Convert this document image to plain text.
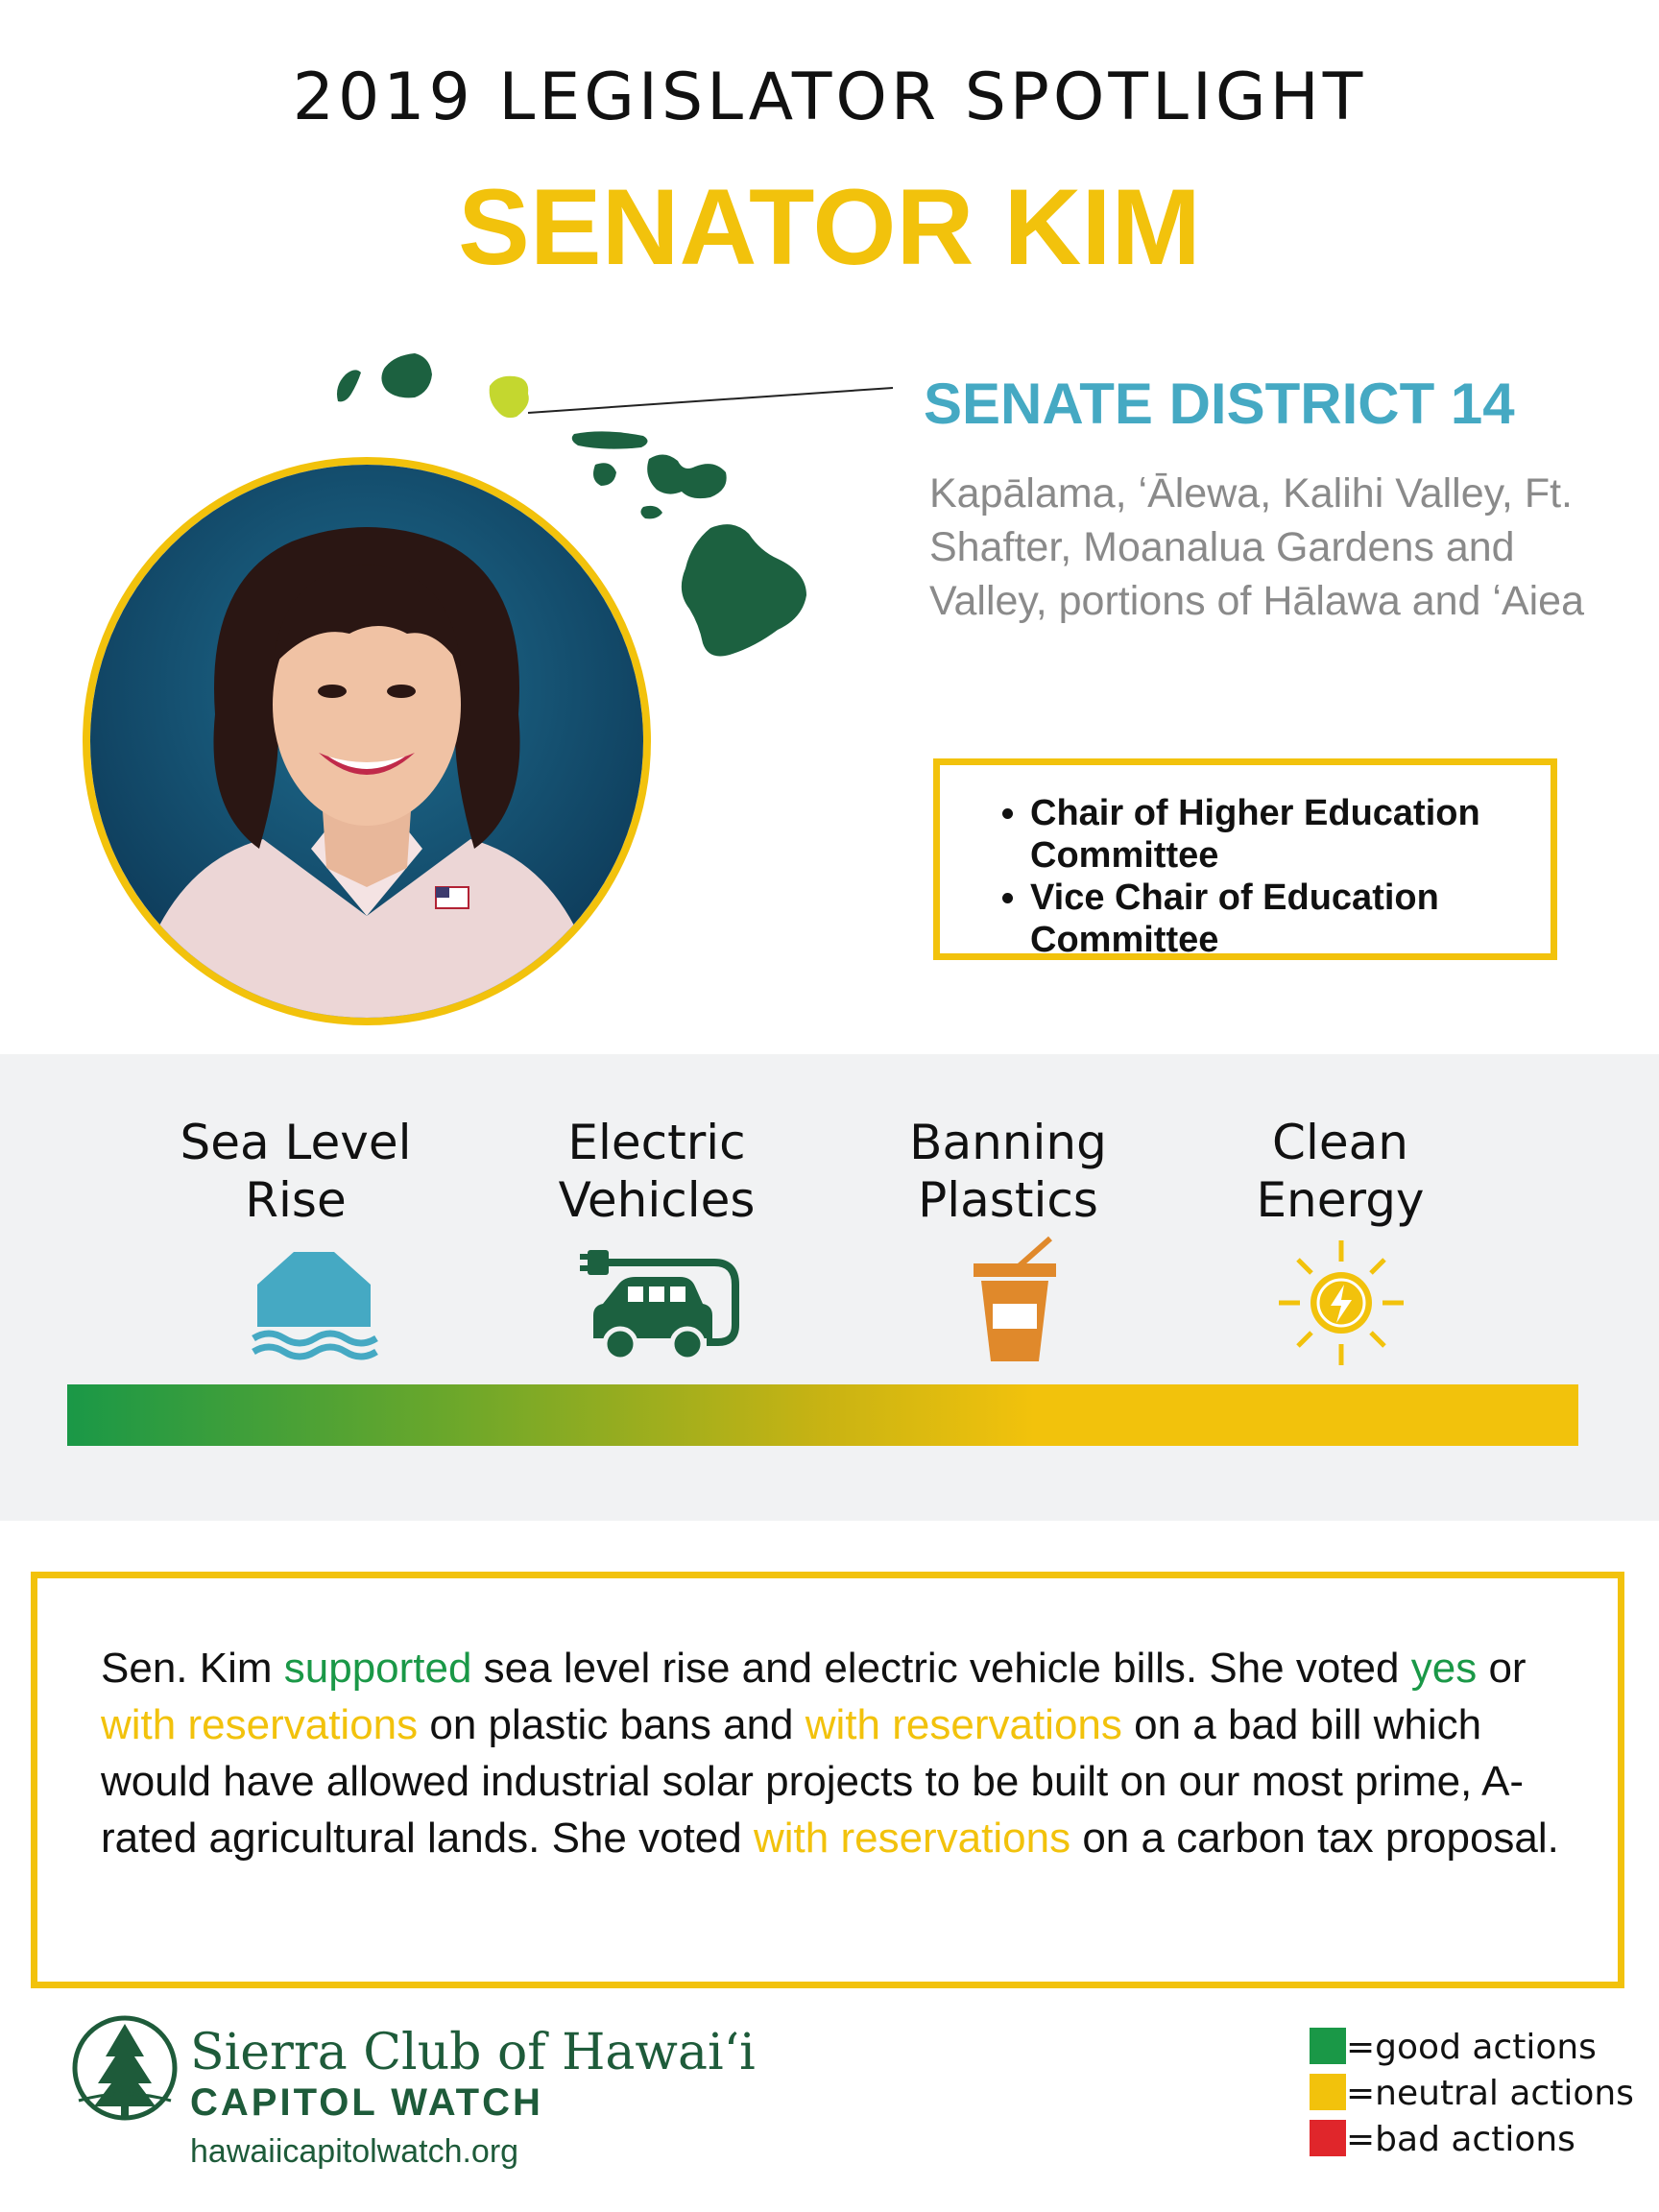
2019 LEGISLATOR SPOTLIGHT
SENATOR KIM
SENATE DISTRICT 14
Kapālama, ʻĀlewa, Kalihi Valley, Ft. Shafter, Moanalua Gardens and Valley, portions of Hālawa and ʻAiea
• Chair of Higher Education Committee
• Vice Chair of Education Committee
Sea Level
Rise
Electric
Vehicles
Banning
Plastics
Clean
Energy
Sen. Kim supported sea level rise and electric vehicle bills. She voted yes or with reservations on plastic bans and with reservations on a bad bill which would have allowed industrial solar projects to be built on our most prime, A-rated agricultural lands. She voted with reservations on a carbon tax proposal.
Sierra Club of Hawaiʻi
CAPITOL WATCH
hawaiicapitolwatch.org
=good actions
=neutral actions
=bad actions
